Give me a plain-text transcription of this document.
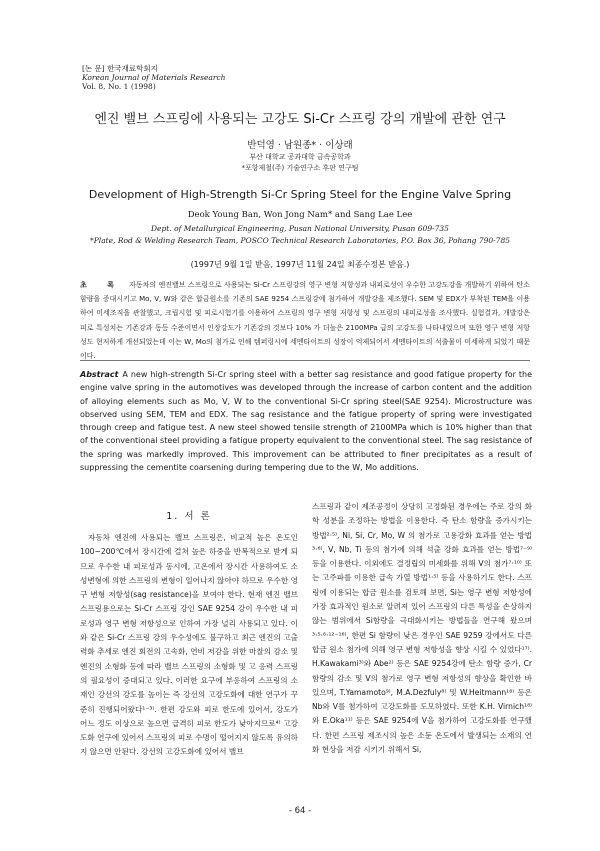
[논 문] 한국재료학회지
Korean Journal of Materials Research
Vol. 8, No. 1 (1998)
엔진 밸브 스프링에 사용되는 고강도 Si-Cr 스프링 강의 개발에 관한 연구
반덕영 · 남원종* · 이상래
부산 대학교 공과대학 금속공학과
*포항제철(주) 기술연구소 후판 연구팀
Development of High-Strength Si-Cr Spring Steel for the Engine Valve Spring
Deok Young Ban, Won Jong Nam* and Sang Lae Lee
Dept. of Metallurgical Engineering, Pusan National University, Pusan 609-735
*Plate, Rod & Welding Research Team, POSCO Technical Research Laboratories, P.O. Box 36, Pohang 790-785
(1997년 9월 1일 받음, 1997년 11월 24일 최종수정본 받음.)
초 록 자동차의 엔진밸브 스프링으로 사용되는 Si-Cr 스프링강의 영구 변형 저항성과 내피로성이 우수한 고강도강을 개발하기 위하여 탄소함량을 증대시키고 Mo, V, W와 같은 합금원소를 기존의 SAE 9254 스프링강에 첨가하여 개발강을 제조했다. SEM 및 EDX가 부착된 TEM을 이용하여 미세조직을 관찰했고, 크립시험 및 피로시험기를 이용하여 스프링의 영구 변형 저항성 및 스프링의 내피로성을 조사했다. 실험결과, 개발강은 피로 특성치는 기존강과 동등 수준이면서 인장강도가 기존강의 것보다 10% 가 더높은 2100MPa 급의 고강도를 나타내었으며 또한 영구 변형 저항성도 현저하게 개선되었는데 이는 W, Mo의 첨가로 인해 템퍼링시에 세멘타이트의 성장이 억제되어서 세멘타이트의 석출물이 미세하게 되었기 때문이다.
Abstract A new high-strength Si-Cr spring steel with a better sag resistance and good fatigue property for the engine valve spring in the automotives was developed through the increase of carbon content and the addition of alloying elements such as Mo, V, W to the conventional Si-Cr spring steel(SAE 9254). Microstructure was observed using SEM, TEM and EDX. The sag resistance and the fatigue property of spring were investigated through creep and fatigue test. A new steel showed tensile strength of 2100MPa which is 10% higher than that of the conventional steel providing a fatigue property equivalent to the conventional steel. The sag resistance of the spring was markedly improved. This improvement can be attributed to finer precipitates as a result of suppressing the cementite coarsening during tempering due to the W, Mo additions.
1. 서 론
자동차 엔진에 사용되는 밸브 스프링은, 비교적 높은 온도인 100~200℃에서 장시간에 걸쳐 높은 하중을 반복적으로 받게 되므로 우수한 내 피로성과 동시에, 고온에서 장시간 사용하여도 소성변형에 의한 스프링의 변형이 일어나지 않아야 하므로 우수한 영구 변형 저항성(sag resistance)을 보여야 한다. 현재 엔진 밸브 스프링용으로는 Si-Cr 스프링 강인 SAE 9254 강이 우수한 내 피로성과 영구 변형 저항성으로 인하여 가장 널리 사용되고 있다. 이와 같은 Si-Cr 스프링 강의 우수성에도 불구하고 최근 엔진의 고출력화 추세로 엔진 회전의 고속화, 연비 저감을 위한 마찰의 감소 및 엔진의 소형화 등에 따라 밸브 스프링의 소형화 및 고 응력 스프링의 필요성이 증대되고 있다. 이러한 요구에 부응하여 스프링의 소재인 강선의 강도를 높이는 즉 강선의 고강도화에 대한 연구가 꾸준히 진행되어왔다¹⁻³⁾. 한편 강도와 피로 한도에 있어서, 강도가 어느 정도 이상으로 높으면 급격히 피로 한도가 낮아지므로⁴⁾ 고강도화 연구에 있어서 스프링의 피로 수명이 떨어지지 않도록 유의하지 않으면 안된다. 강선의 고강도화에 있어서 밸브
스프링과 같이 제조공정이 상당히 고정화된 경우에는 주로 강의 화학 성분을 조정하는 방법을 이용한다. 즉 탄소 함량을 증가시키는 방법²·⁵⁾, Ni, Si, Cr, Mo, W 의 첨가로 고용강화 효과를 얻는 방법³·⁶⁾, V, Nb, Ti 등의 첨가에 의해 석출 강화 효과를 얻는 방법⁷⁻⁹⁾ 등을 이용한다. 이외에도 결정립의 미세화를 위해 V의 첨가⁷·¹⁰⁾ 또는 고주파를 이용한 급속 가열 방법¹·⁵⁾ 등을 사용하기도 한다. 스프링에 이용되는 합금 원소를 검토해 보면, Si는 영구 변형 저항성에 가장 효과적인 원소로 알려져 있어 스프링의 다른 특성을 손상하지 않는 범위에서 Si함량을 극대화시키는 방법들을 연구해 왔으며³·⁵·⁸·¹²⁻¹⁶⁾, 한편 Si 함량이 낮은 경우인 SAE 9259 강에서도 다른 합금 원소 첨가에 의해 영구 변형 저항성을 향상 시킬 수 있었다¹⁷⁾. H.Kawakami³⁾와 Abe²⁾ 등은 SAE 9254강에 탄소 함량 증가, Cr함량의 감소 및 V의 첨가로 영구 변형 저항성의 향상을 확인한 바 있으며, T.Yamamoto⁹⁾, M.A.Dezfuly⁸⁾ 및 W.Heitmann¹⁶⁾ 등은 Nb와 V를 첨가하여 고강도화를 도모하였다. 또한 K.H. Virnich¹⁸⁾와 E.Oka¹¹⁾ 등은 SAE 9254에 V을 첨가하여 고강도화를 연구했다. 한편 스프링 제조시의 높은 소둔 온도에서 발생되는 소재의 연화 현상을 저감 시키기 위해서 Si,
- 64 -
